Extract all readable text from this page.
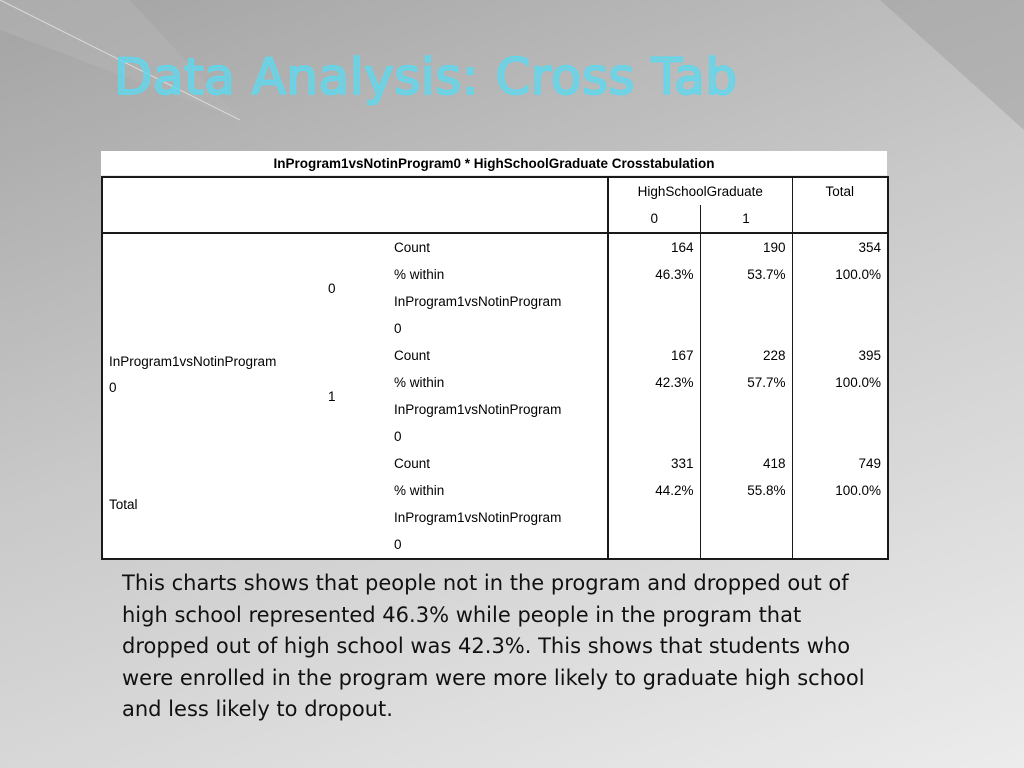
Data Analysis: Cross Tab
InProgram1vsNotinProgram0 * HighSchoolGraduate Crosstabulation
			HighSchoolGraduate		Total
			0	1	

InProgram1vsNotinProgram
0	0	Count	164	190	354
		% within	46.3%	53.7%	100.0%
		InProgram1vsNotinProgram			
		0			
	1	Count	167	228	395
		% within	42.3%	57.7%	100.0%
		InProgram1vsNotinProgram			
		0			
Total		Count	331	418	749
		% within	44.2%	55.8%	100.0%
		InProgram1vsNotinProgram			
		0			
This charts shows that people not in the program and dropped out of high school represented 46.3% while people in the program that dropped out of high school was 42.3%. This shows that students who were enrolled in the program were more likely to graduate high school and less likely to dropout.
